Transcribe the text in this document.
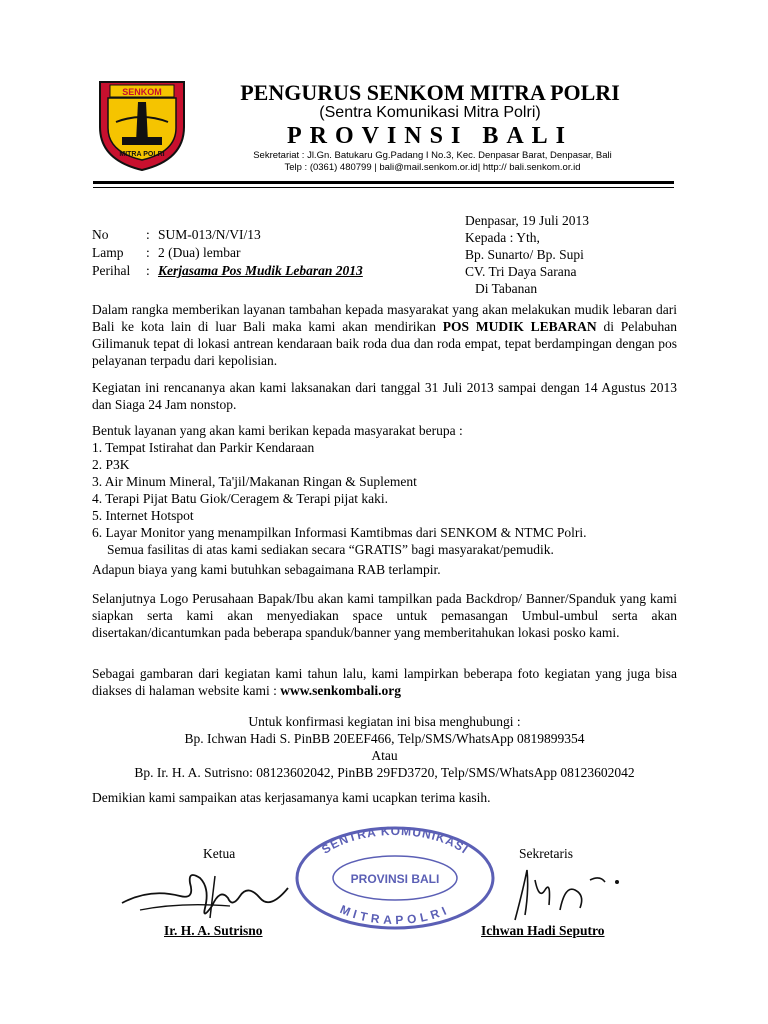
SENKOM
MITRA POLRI
PENGURUS SENKOM MITRA POLRI
(Sentra Komunikasi Mitra Polri)
PROVINSI BALI
Sekretariat : Jl.Gn. Batukaru Gg.Padang I No.3, Kec. Denpasar Barat, Denpasar, Bali
Telp : (0361) 480799 | bali@mail.senkom.or.id| http:// bali.senkom.or.id
Denpasar, 19 Juli 2013
Kepada : Yth,
Bp. Sunarto/ Bp. Supi
CV. Tri Daya Sarana
Di Tabanan
No	: SUM-013/N/VI/13
Lamp	: 2 (Dua) lembar
Perihal	: Kerjasama Pos Mudik Lebaran 2013
Dalam rangka memberikan layanan tambahan kepada masyarakat yang akan melakukan mudik lebaran dari Bali ke kota lain di luar Bali maka kami akan mendirikan POS MUDIK LEBARAN di Pelabuhan Gilimanuk tepat di lokasi antrean kendaraan baik roda dua dan roda empat, tepat berdampingan dengan pos pelayanan terpadu dari kepolisian.
Kegiatan ini rencananya akan kami laksanakan dari tanggal 31 Juli 2013 sampai dengan 14 Agustus 2013 dan Siaga 24 Jam nonstop.
Bentuk layanan yang akan kami berikan kepada masyarakat berupa :
1. Tempat Istirahat dan Parkir Kendaraan
2. P3K
3. Air Minum Mineral, Ta'jil/Makanan Ringan & Suplement
4. Terapi Pijat Batu Giok/Ceragem & Terapi pijat kaki.
5. Internet Hotspot
6. Layar Monitor yang menampilkan Informasi Kamtibmas dari SENKOM & NTMC Polri.
Semua fasilitas di atas kami sediakan secara “GRATIS” bagi masyarakat/pemudik.
Adapun biaya yang kami butuhkan sebagaimana RAB terlampir.
Selanjutnya Logo Perusahaan Bapak/Ibu akan kami tampilkan pada Backdrop/ Banner/Spanduk yang kami siapkan serta kami akan menyediakan space untuk pemasangan Umbul-umbul serta akan disertakan/dicantumkan pada beberapa spanduk/banner yang memberitahukan lokasi posko kami.
Sebagai gambaran dari kegiatan kami tahun lalu, kami lampirkan beberapa foto kegiatan yang juga bisa diakses di halaman website kami : www.senkombali.org
Untuk konfirmasi kegiatan ini bisa menghubungi :
Bp. Ichwan Hadi S. PinBB 20EEF466, Telp/SMS/WhatsApp 0819899354
Atau
Bp. Ir. H. A. Sutrisno: 08123602042, PinBB 29FD3720, Telp/SMS/WhatsApp 08123602042
Demikian kami sampaikan atas kerjasamanya kami ucapkan terima kasih.
Ketua	Sekretaris
SENTRA KOMUNIKASI
PROVINSI BALI
MITRAPOLRI
Ir. H. A. Sutrisno	Ichwan Hadi Seputro
